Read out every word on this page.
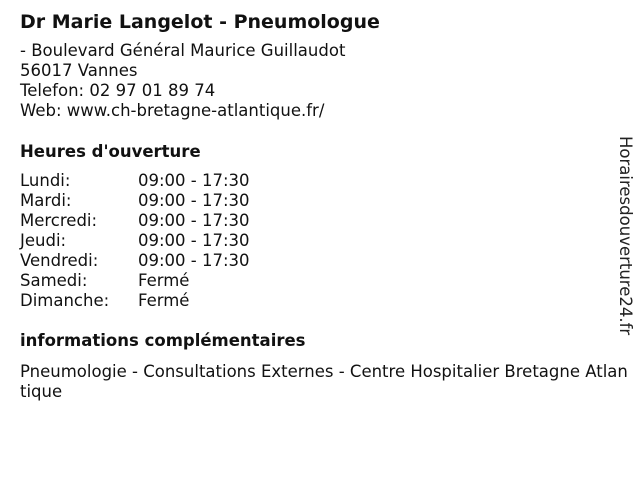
Dr Marie Langelot - Pneumologue
- Boulevard Général Maurice Guillaudot
56017 Vannes
Telefon: 02 97 01 89 74
Web: www.ch-bretagne-atlantique.fr/
Heures d'ouverture
Lundi:	09:00 - 17:30
Mardi:	09:00 - 17:30
Mercredi:	09:00 - 17:30
Jeudi:	09:00 - 17:30
Vendredi:	09:00 - 17:30
Samedi:	Fermé
Dimanche:	Fermé
informations complémentaires
Pneumologie - Consultations Externes - Centre Hospitalier Bretagne Atlantique
Horairesdouverture24.fr
